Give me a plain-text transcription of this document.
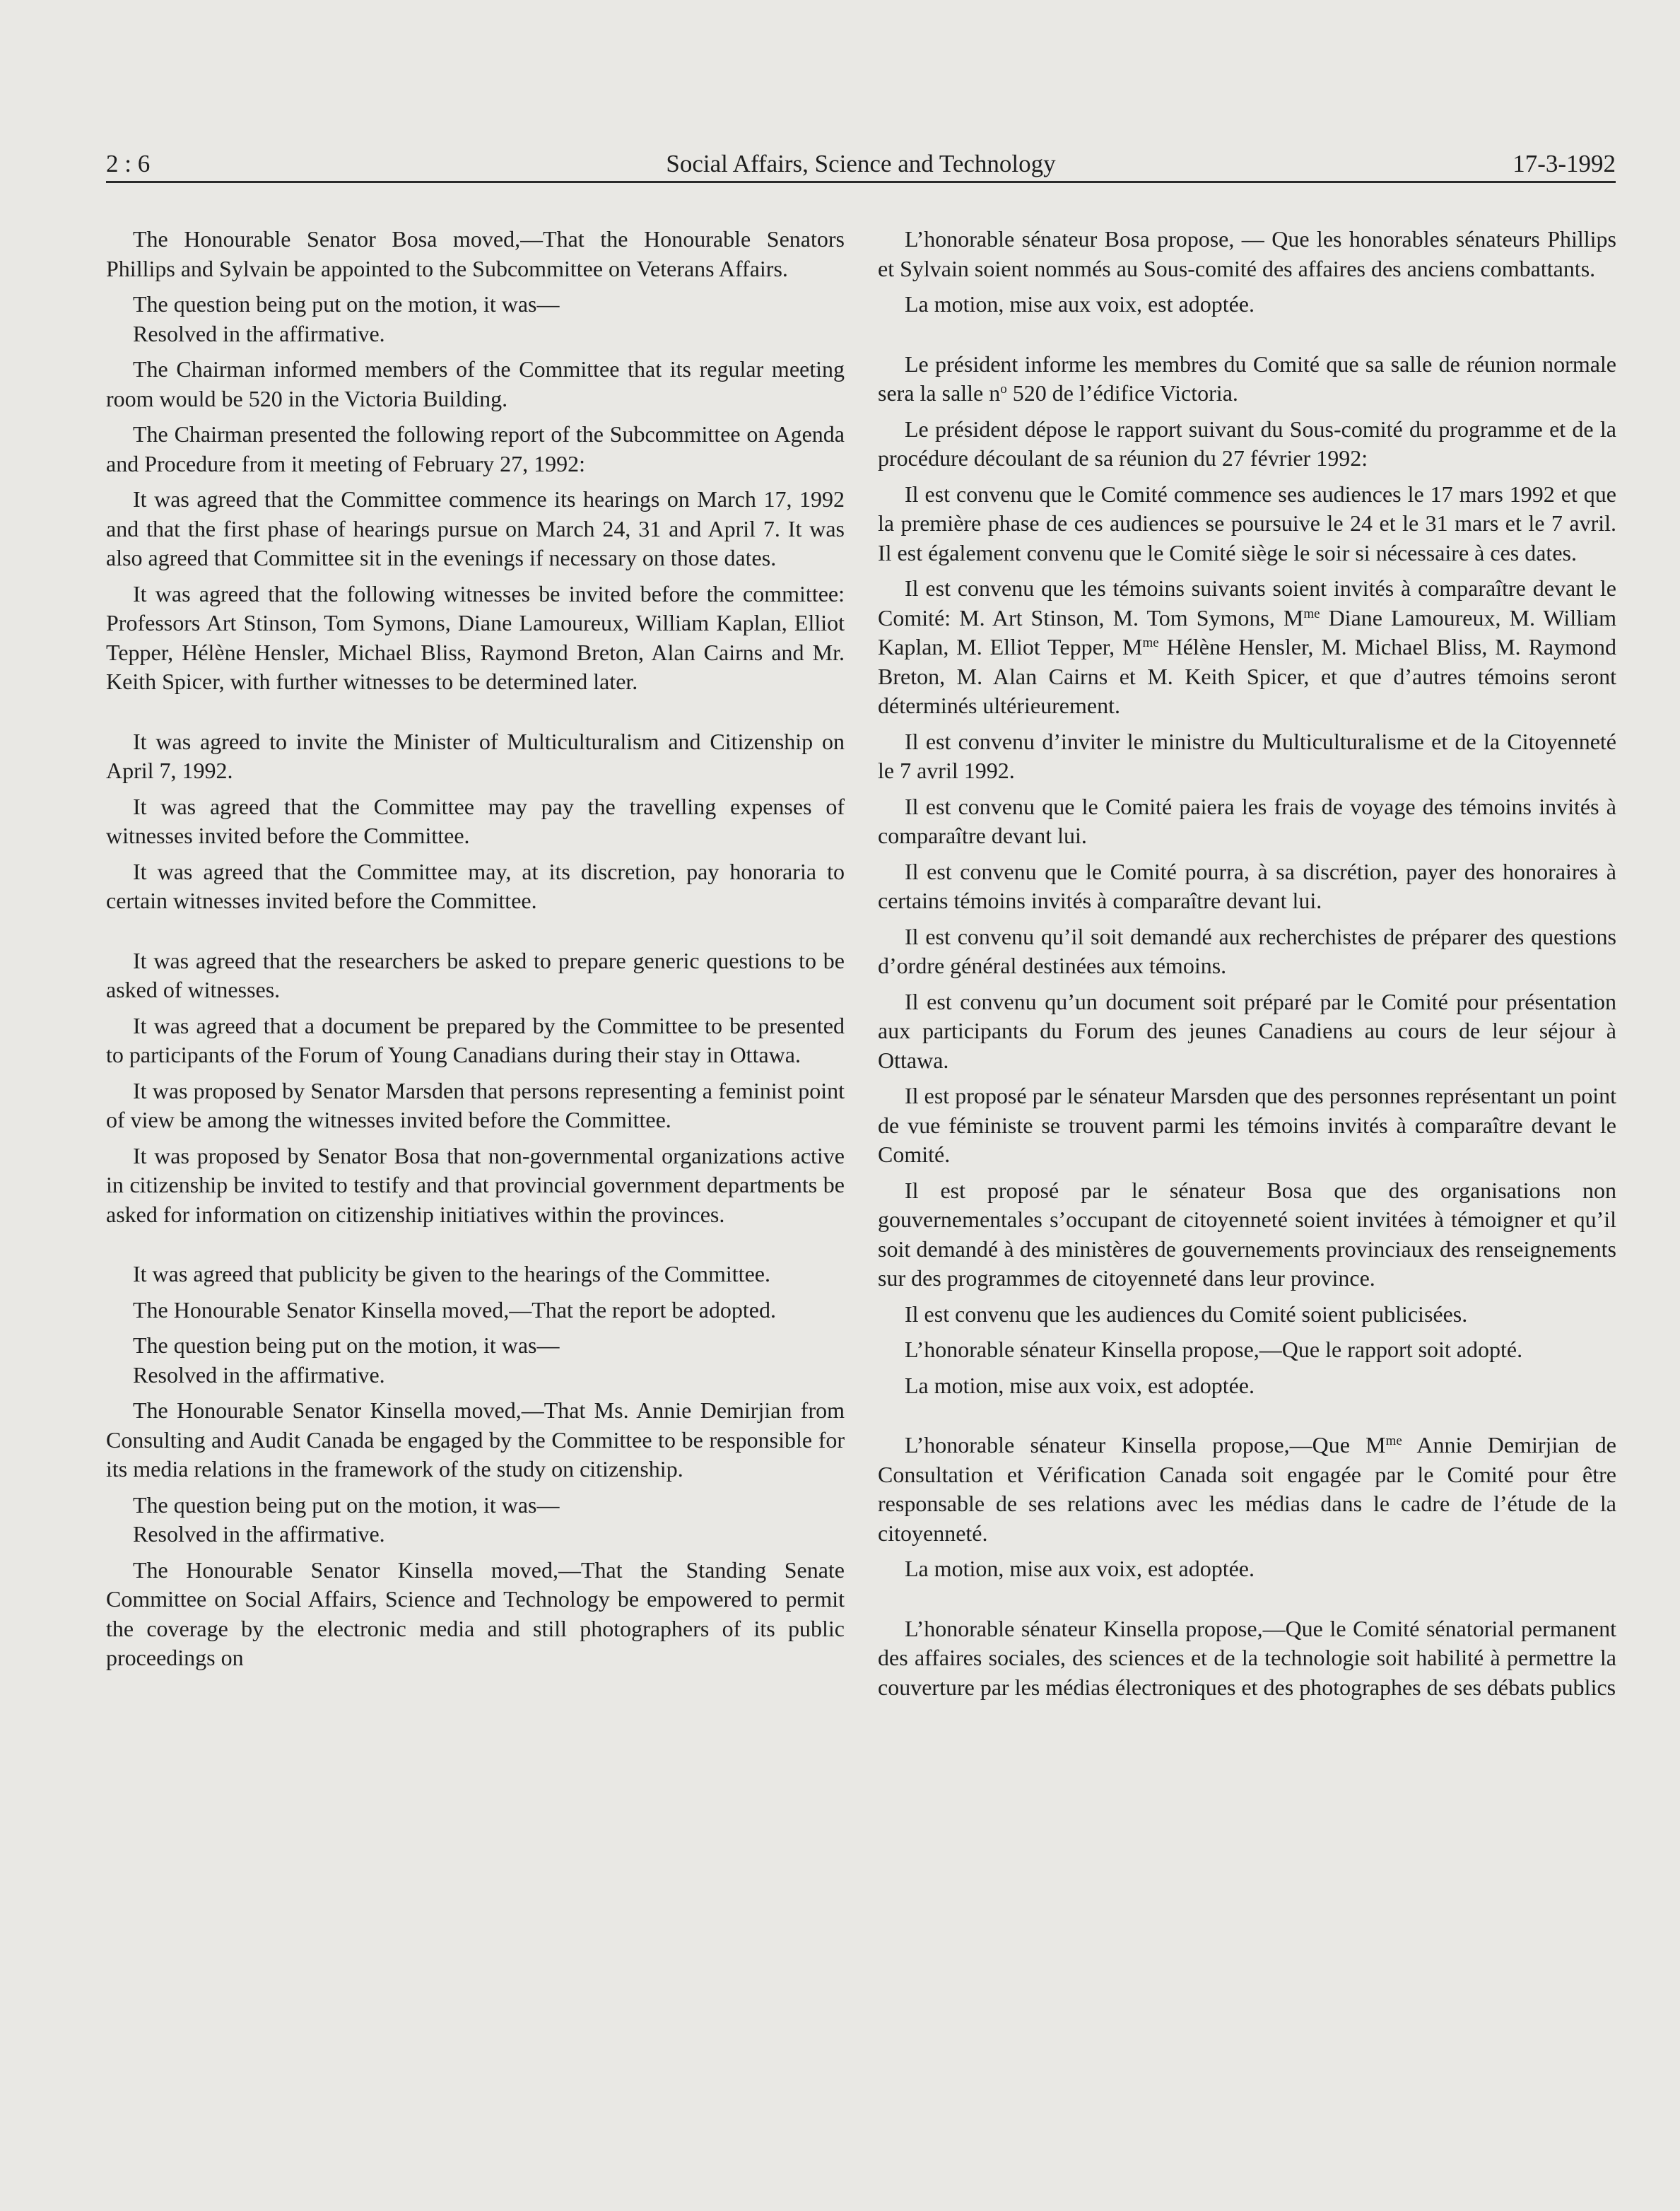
2 : 6	Social Affairs, Science and Technology	17-3-1992

The Honourable Senator Bosa moved,—That the Honourable Senators Phillips and Sylvain be appointed to the Subcommittee on Veterans Affairs.

The question being put on the motion, it was—
Resolved in the affirmative.

The Chairman informed members of the Committee that its regular meeting room would be 520 in the Victoria Building.

The Chairman presented the following report of the Subcommittee on Agenda and Procedure from it meeting of February 27, 1992:

It was agreed that the Committee commence its hearings on March 17, 1992 and that the first phase of hearings pursue on March 24, 31 and April 7. It was also agreed that Committee sit in the evenings if necessary on those dates.

It was agreed that the following witnesses be invited before the committee: Professors Art Stinson, Tom Symons, Diane Lamoureux, William Kaplan, Elliot Tepper, Hélène Hensler, Michael Bliss, Raymond Breton, Alan Cairns and Mr. Keith Spicer, with further witnesses to be determined later.

It was agreed to invite the Minister of Multiculturalism and Citizenship on April 7, 1992.

It was agreed that the Committee may pay the travelling expenses of witnesses invited before the Committee.

It was agreed that the Committee may, at its discretion, pay honoraria to certain witnesses invited before the Committee.

It was agreed that the researchers be asked to prepare generic questions to be asked of witnesses.

It was agreed that a document be prepared by the Committee to be presented to participants of the Forum of Young Canadians during their stay in Ottawa.

It was proposed by Senator Marsden that persons representing a feminist point of view be among the witnesses invited before the Committee.

It was proposed by Senator Bosa that non-governmental organizations active in citizenship be invited to testify and that provincial government departments be asked for information on citizenship initiatives within the provinces.

It was agreed that publicity be given to the hearings of the Committee.

The Honourable Senator Kinsella moved,—That the report be adopted.

The question being put on the motion, it was—
Resolved in the affirmative.

The Honourable Senator Kinsella moved,—That Ms. Annie Demirjian from Consulting and Audit Canada be engaged by the Committee to be responsible for its media relations in the framework of the study on citizenship.

The question being put on the motion, it was—
Resolved in the affirmative.

The Honourable Senator Kinsella moved,—That the Standing Senate Committee on Social Affairs, Science and Technology be empowered to permit the coverage by the electronic media and still photographers of its public proceedings on

L’honorable sénateur Bosa propose, — Que les honorables sénateurs Phillips et Sylvain soient nommés au Sous-comité des affaires des anciens combattants.

La motion, mise aux voix, est adoptée.

Le président informe les membres du Comité que sa salle de réunion normale sera la salle $n^o$ 520 de l’édifice Victoria.

Le président dépose le rapport suivant du Sous-comité du programme et de la procédure découlant de sa réunion du 27 février 1992:

Il est convenu que le Comité commence ses audiences le 17 mars 1992 et que la première phase de ces audiences se poursuive le 24 et le 31 mars et le 7 avril. Il est également convenu que le Comité siège le soir si nécessaire à ces dates.

Il est convenu que les témoins suivants soient invités à comparaître devant le Comité: M. Art Stinson, M. Tom Symons, $M^{me}$ Diane Lamoureux, M. William Kaplan, M. Elliot Tepper, $M^{me}$ Hélène Hensler, M. Michael Bliss, M. Raymond Breton, M. Alan Cairns et M. Keith Spicer, et que d’autres témoins seront déterminés ultérieurement.

Il est convenu d’inviter le ministre du Multiculturalisme et de la Citoyenneté le 7 avril 1992.

Il est convenu que le Comité paiera les frais de voyage des témoins invités à comparaître devant lui.

Il est convenu que le Comité pourra, à sa discrétion, payer des honoraires à certains témoins invités à comparaître devant lui.

Il est convenu qu’il soit demandé aux recherchistes de préparer des questions d’ordre général destinées aux témoins.

Il est convenu qu’un document soit préparé par le Comité pour présentation aux participants du Forum des jeunes Canadiens au cours de leur séjour à Ottawa.

Il est proposé par le sénateur Marsden que des personnes représentant un point de vue féministe se trouvent parmi les témoins invités à comparaître devant le Comité.

Il est proposé par le sénateur Bosa que des organisations non gouvernementales s’occupant de citoyenneté soient invitées à témoigner et qu’il soit demandé à des ministères de gouvernements provinciaux des renseignements sur des programmes de citoyenneté dans leur province.

Il est convenu que les audiences du Comité soient publicisées.

L’honorable sénateur Kinsella propose,—Que le rapport soit adopté.

La motion, mise aux voix, est adoptée.

L’honorable sénateur Kinsella propose,—Que $M^{me}$ Annie Demirjian de Consultation et Vérification Canada soit engagée par le Comité pour être responsable de ses relations avec les médias dans le cadre de l’étude de la citoyenneté.

La motion, mise aux voix, est adoptée.

L’honorable sénateur Kinsella propose,—Que le Comité sénatorial permanent des affaires sociales, des sciences et de la technologie soit habilité à permettre la couverture par les médias électroniques et des photographes de ses débats publics
